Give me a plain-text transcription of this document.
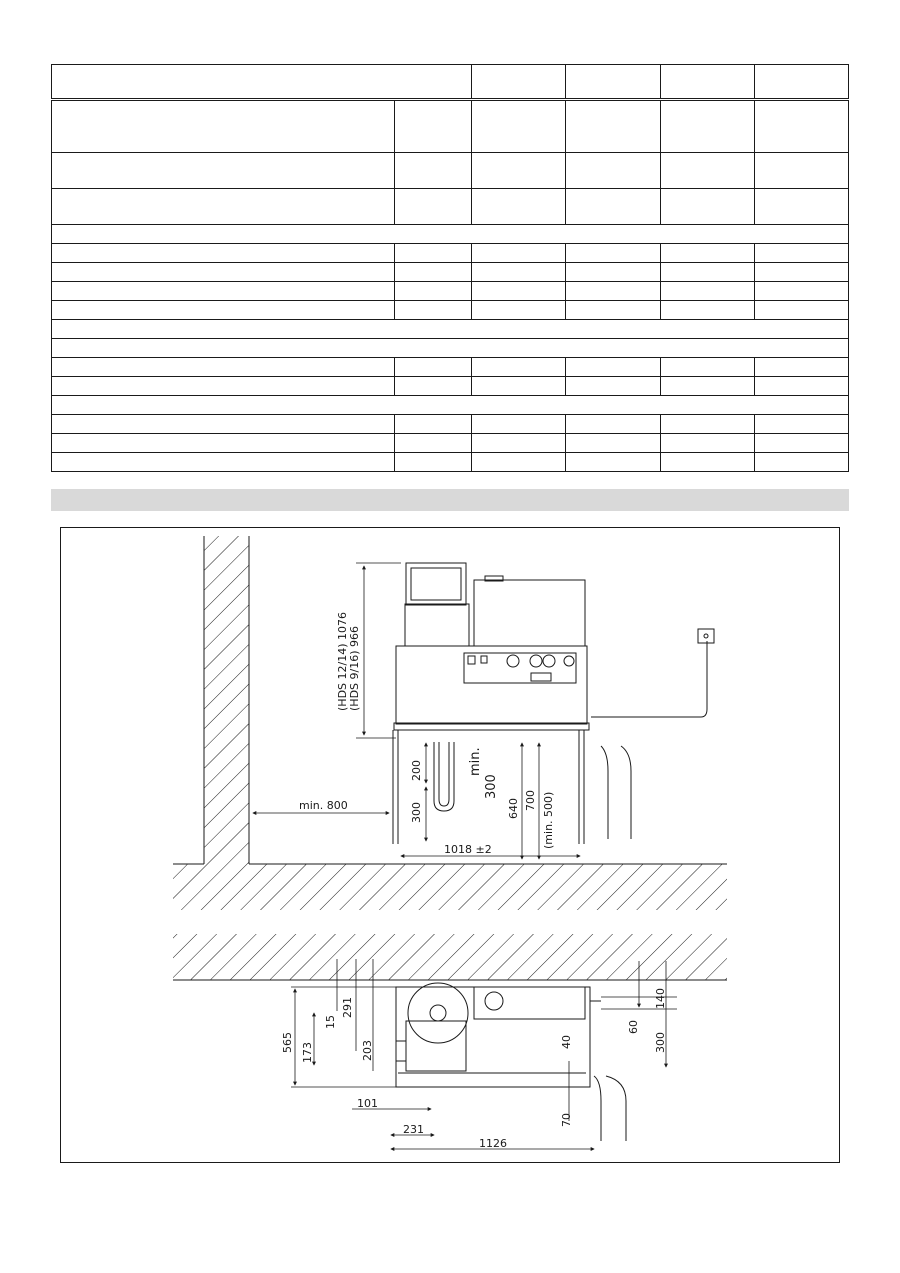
(HDS 12/14) 1076 (HDS 9/16) 966
min. 800
200
300
min.
300
640 700 (min. 500)
1018 ±2
565 173
15
291
203
101
231
1126
40
70
60
140
300
